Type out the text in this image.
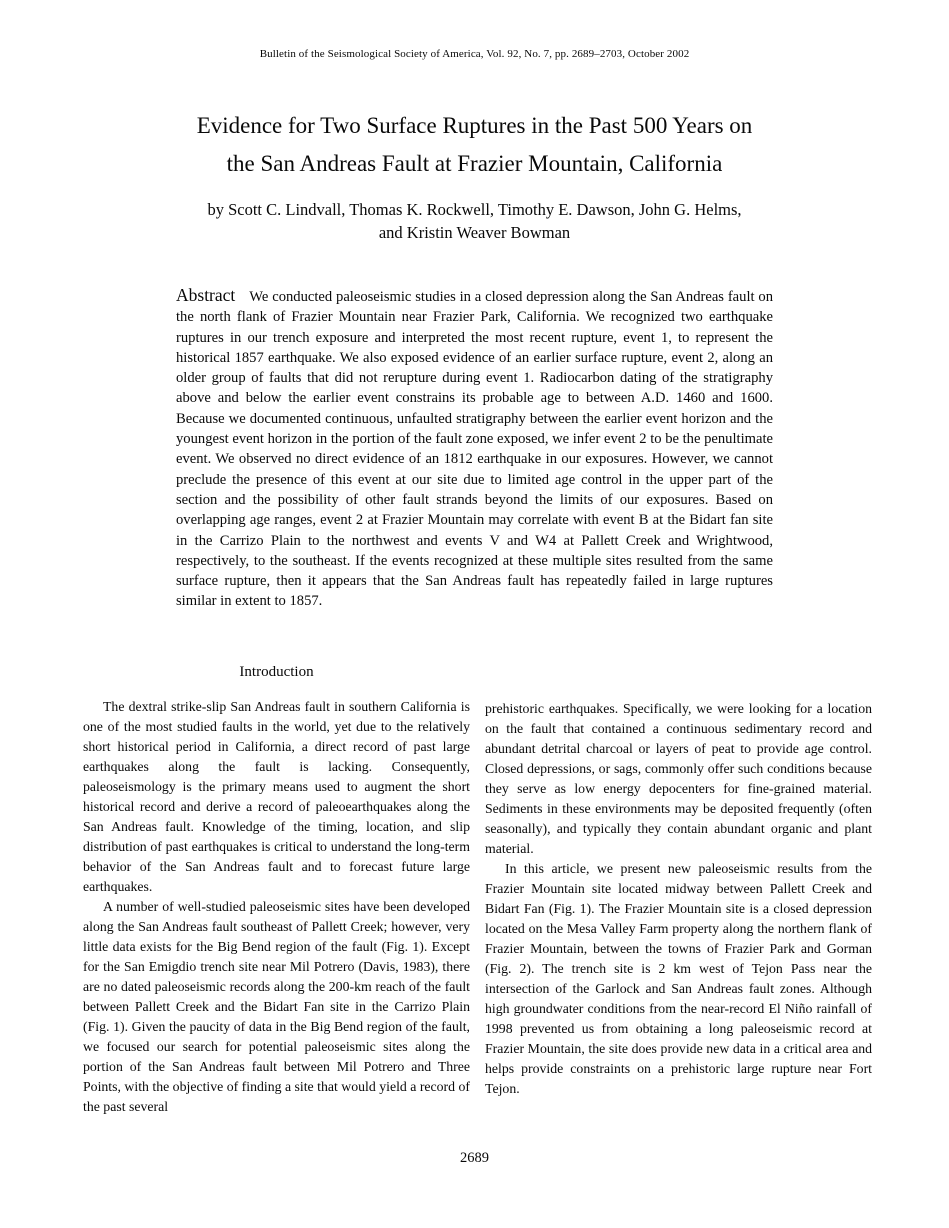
Bulletin of the Seismological Society of America, Vol. 92, No. 7, pp. 2689–2703, October 2002
Evidence for Two Surface Ruptures in the Past 500 Years on
the San Andreas Fault at Frazier Mountain, California
by Scott C. Lindvall, Thomas K. Rockwell, Timothy E. Dawson, John G. Helms,
and Kristin Weaver Bowman
Abstract We conducted paleoseismic studies in a closed depression along the San Andreas fault on the north flank of Frazier Mountain near Frazier Park, California. We recognized two earthquake ruptures in our trench exposure and interpreted the most recent rupture, event 1, to represent the historical 1857 earthquake. We also exposed evidence of an earlier surface rupture, event 2, along an older group of faults that did not rerupture during event 1. Radiocarbon dating of the stratigraphy above and below the earlier event constrains its probable age to between A.D. 1460 and 1600. Because we documented continuous, unfaulted stratigraphy between the earlier event horizon and the youngest event horizon in the portion of the fault zone exposed, we infer event 2 to be the penultimate event. We observed no direct evidence of an 1812 earthquake in our exposures. However, we cannot preclude the presence of this event at our site due to limited age control in the upper part of the section and the possibility of other fault strands beyond the limits of our exposures. Based on overlapping age ranges, event 2 at Frazier Mountain may correlate with event B at the Bidart fan site in the Carrizo Plain to the northwest and events V and W4 at Pallett Creek and Wrightwood, respectively, to the southeast. If the events recognized at these multiple sites resulted from the same surface rupture, then it appears that the San Andreas fault has repeatedly failed in large ruptures similar in extent to 1857.
Introduction

The dextral strike-slip San Andreas fault in southern California is one of the most studied faults in the world, yet due to the relatively short historical period in California, a direct record of past large earthquakes along the fault is lacking. Consequently, paleoseismology is the primary means used to augment the short historical record and derive a record of paleoearthquakes along the San Andreas fault. Knowledge of the timing, location, and slip distribution of past earthquakes is critical to understand the long-term behavior of the San Andreas fault and to forecast future large earthquakes.

A number of well-studied paleoseismic sites have been developed along the San Andreas fault southeast of Pallett Creek; however, very little data exists for the Big Bend region of the fault (Fig. 1). Except for the San Emigdio trench site near Mil Potrero (Davis, 1983), there are no dated paleoseismic records along the 200-km reach of the fault between Pallett Creek and the Bidart Fan site in the Carrizo Plain (Fig. 1). Given the paucity of data in the Big Bend region of the fault, we focused our search for potential paleoseismic sites along the portion of the San Andreas fault between Mil Potrero and Three Points, with the objective of finding a site that would yield a record of the past several

prehistoric earthquakes. Specifically, we were looking for a location on the fault that contained a continuous sedimentary record and abundant detrital charcoal or layers of peat to provide age control. Closed depressions, or sags, commonly offer such conditions because they serve as low energy depocenters for fine-grained material. Sediments in these environments may be deposited frequently (often seasonally), and typically they contain abundant organic and plant material.

In this article, we present new paleoseismic results from the Frazier Mountain site located midway between Pallett Creek and Bidart Fan (Fig. 1). The Frazier Mountain site is a closed depression located on the Mesa Valley Farm property along the northern flank of Frazier Mountain, between the towns of Frazier Park and Gorman (Fig. 2). The trench site is 2 km west of Tejon Pass near the intersection of the Garlock and San Andreas fault zones. Although high groundwater conditions from the near-record El Niño rainfall of 1998 prevented us from obtaining a long paleoseismic record at Frazier Mountain, the site does provide new data in a critical area and helps provide constraints on a prehistoric large rupture near Fort Tejon.

2689
